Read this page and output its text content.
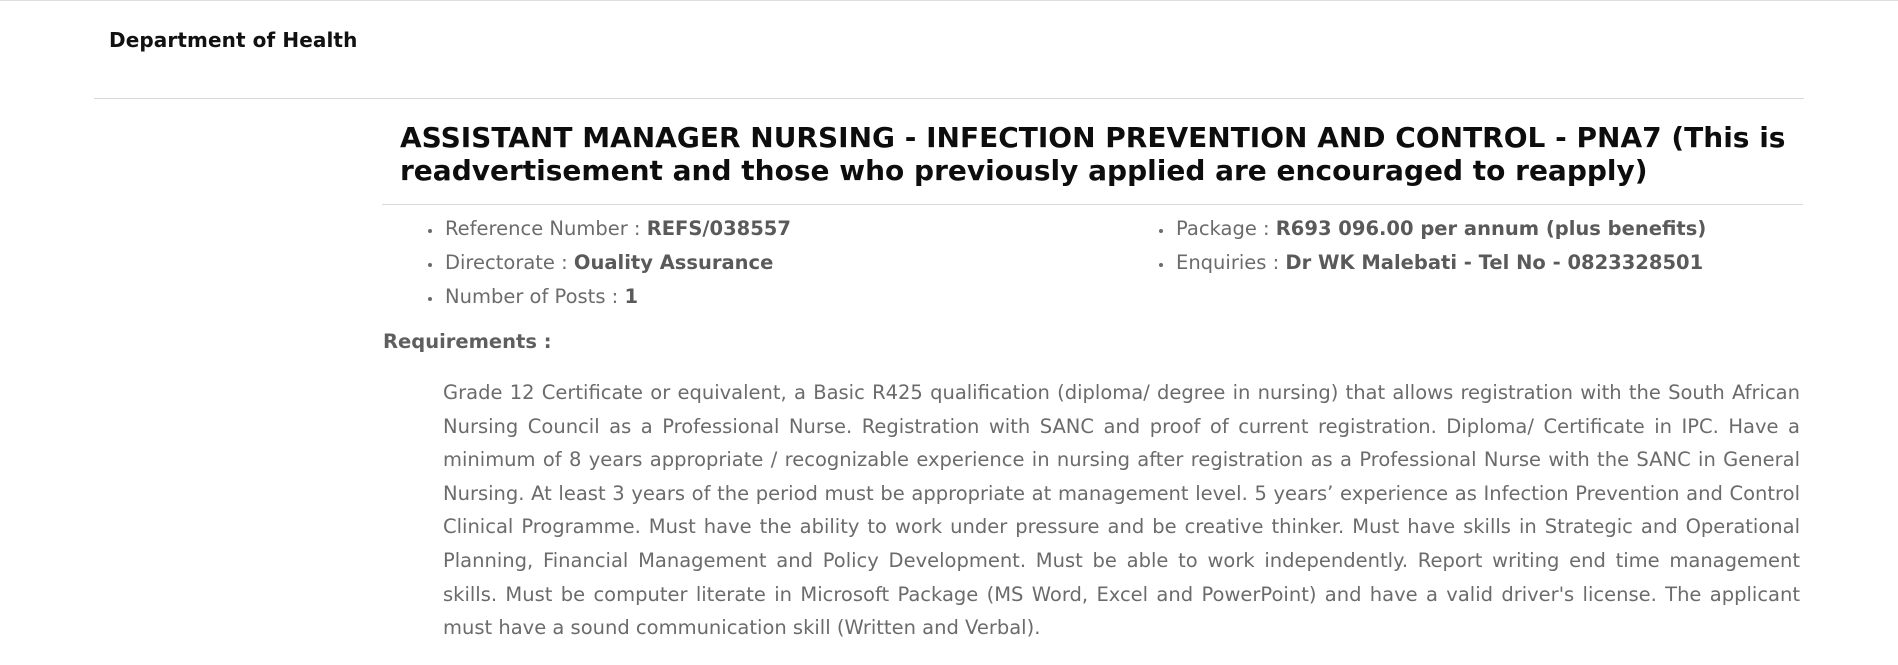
Department of Health
ASSISTANT MANAGER NURSING - INFECTION PREVENTION AND CONTROL - PNA7 (This is readvertisement and those who previously applied are encouraged to reapply)
• Reference Number : REFS/038557
• Directorate : Ouality Assurance
• Number of Posts : 1
• Package : R693 096.00 per annum (plus benefits)
• Enquiries : Dr WK Malebati - Tel No - 0823328501
Requirements :

Grade 12 Certificate or equivalent, a Basic R425 qualification (diploma/ degree in nursing) that allows registration with the South African Nursing Council as a Professional Nurse. Registration with SANC and proof of current registration. Diploma/ Certificate in IPC. Have a minimum of 8 years appropriate / recognizable experience in nursing after registration as a Professional Nurse with the SANC in General Nursing. At least 3 years of the period must be appropriate at management level. 5 years’ experience as Infection Prevention and Control Clinical Programme. Must have the ability to work under pressure and be creative thinker. Must have skills in Strategic and Operational Planning, Financial Management and Policy Development. Must be able to work independently. Report writing end time management skills. Must be computer literate in Microsoft Package (MS Word, Excel and PowerPoint) and have a valid driver's license. The applicant must have a sound communication skill (Written and Verbal).
